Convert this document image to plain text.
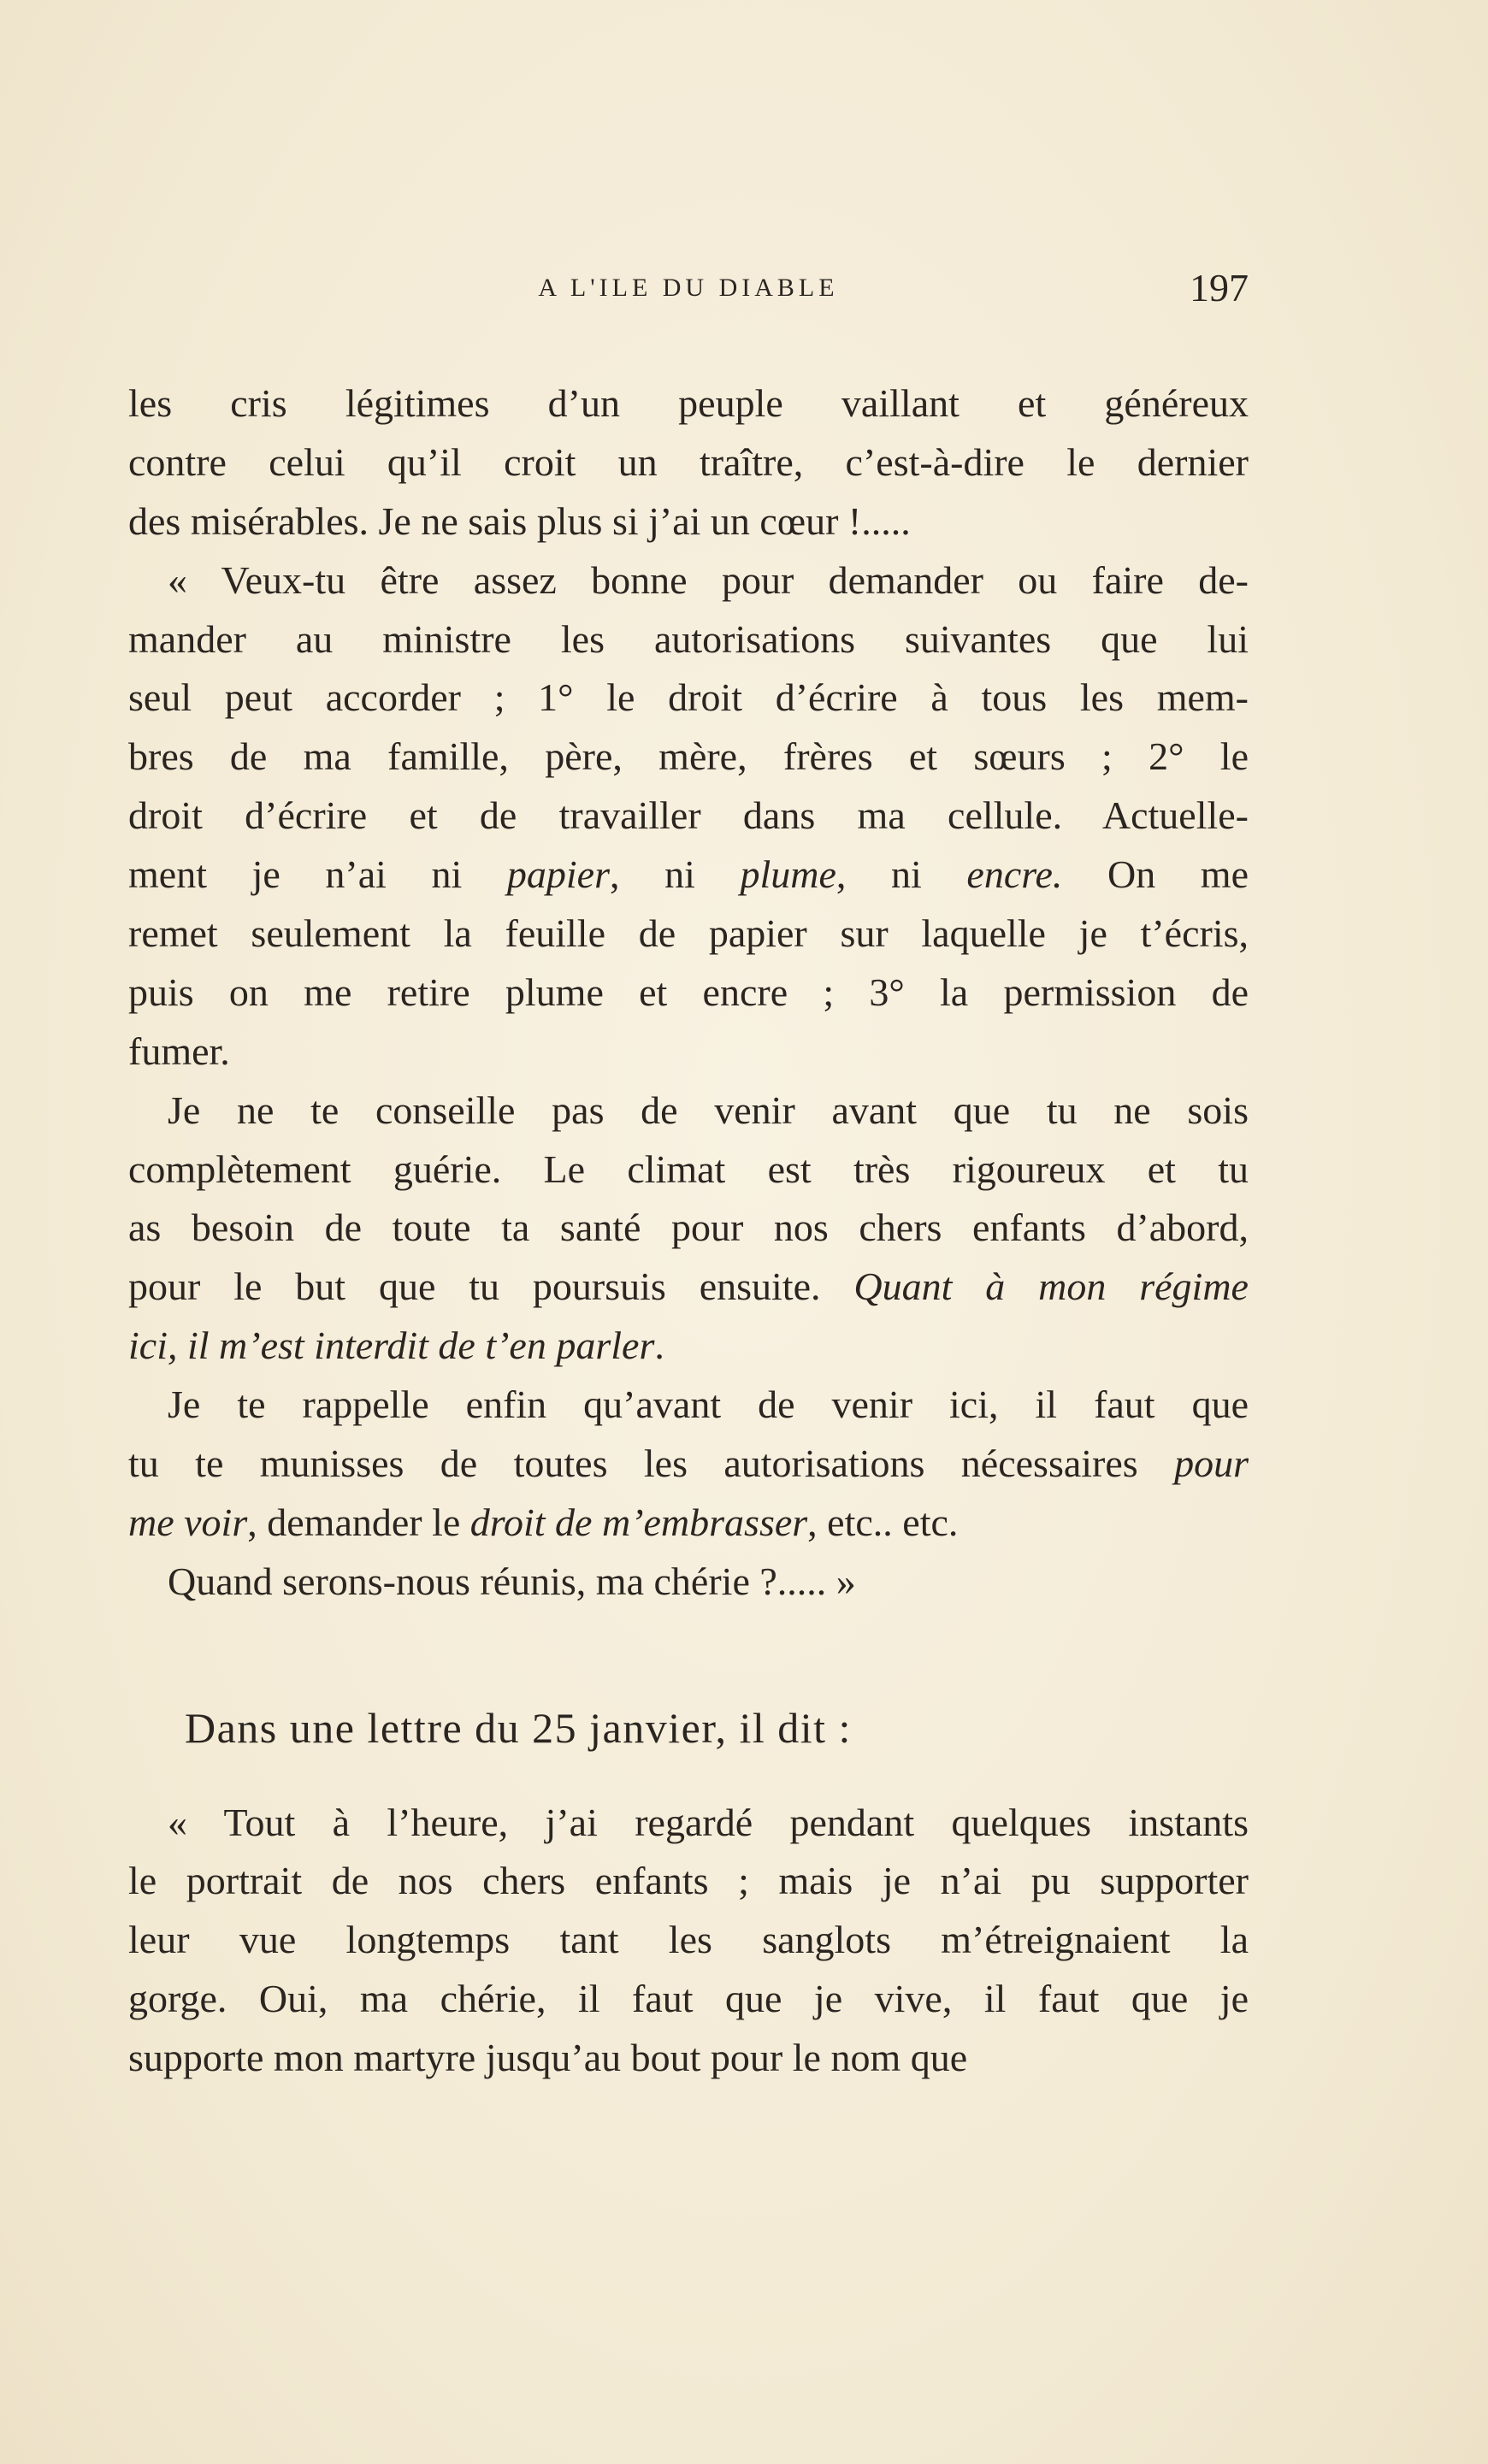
A L'ILE DU DIABLE	197
les cris légitimes d’un peuple vaillant et généreux
contre celui qu’il croit un traître, c’est-à-dire le dernier
des misérables. Je ne sais plus si j’ai un cœur !.....
« Veux-tu être assez bonne pour demander ou faire de-
mander au ministre les autorisations suivantes que lui
seul peut accorder ; 1° le droit d’écrire à tous les mem-
bres de ma famille, père, mère, frères et sœurs ; 2° le
droit d’écrire et de travailler dans ma cellule. Actuelle-
ment je n’ai ni papier, ni plume, ni encre. On me
remet seulement la feuille de papier sur laquelle je t’écris,
puis on me retire plume et encre ; 3° la permission de
fumer.
Je ne te conseille pas de venir avant que tu ne sois
complètement guérie. Le climat est très rigoureux et tu
as besoin de toute ta santé pour nos chers enfants d’abord,
pour le but que tu poursuis ensuite. Quant à mon régime
ici, il m’est interdit de t’en parler.
Je te rappelle enfin qu’avant de venir ici, il faut que
tu te munisses de toutes les autorisations nécessaires pour
me voir, demander le droit de m’embrasser, etc.. etc.
Quand serons-nous réunis, ma chérie ?..... »
Dans une lettre du 25 janvier, il dit :
« Tout à l’heure, j’ai regardé pendant quelques instants
le portrait de nos chers enfants ; mais je n’ai pu supporter
leur vue longtemps tant les sanglots m’étreignaient la
gorge. Oui, ma chérie, il faut que je vive, il faut que je
supporte mon martyre jusqu’au bout pour le nom que
